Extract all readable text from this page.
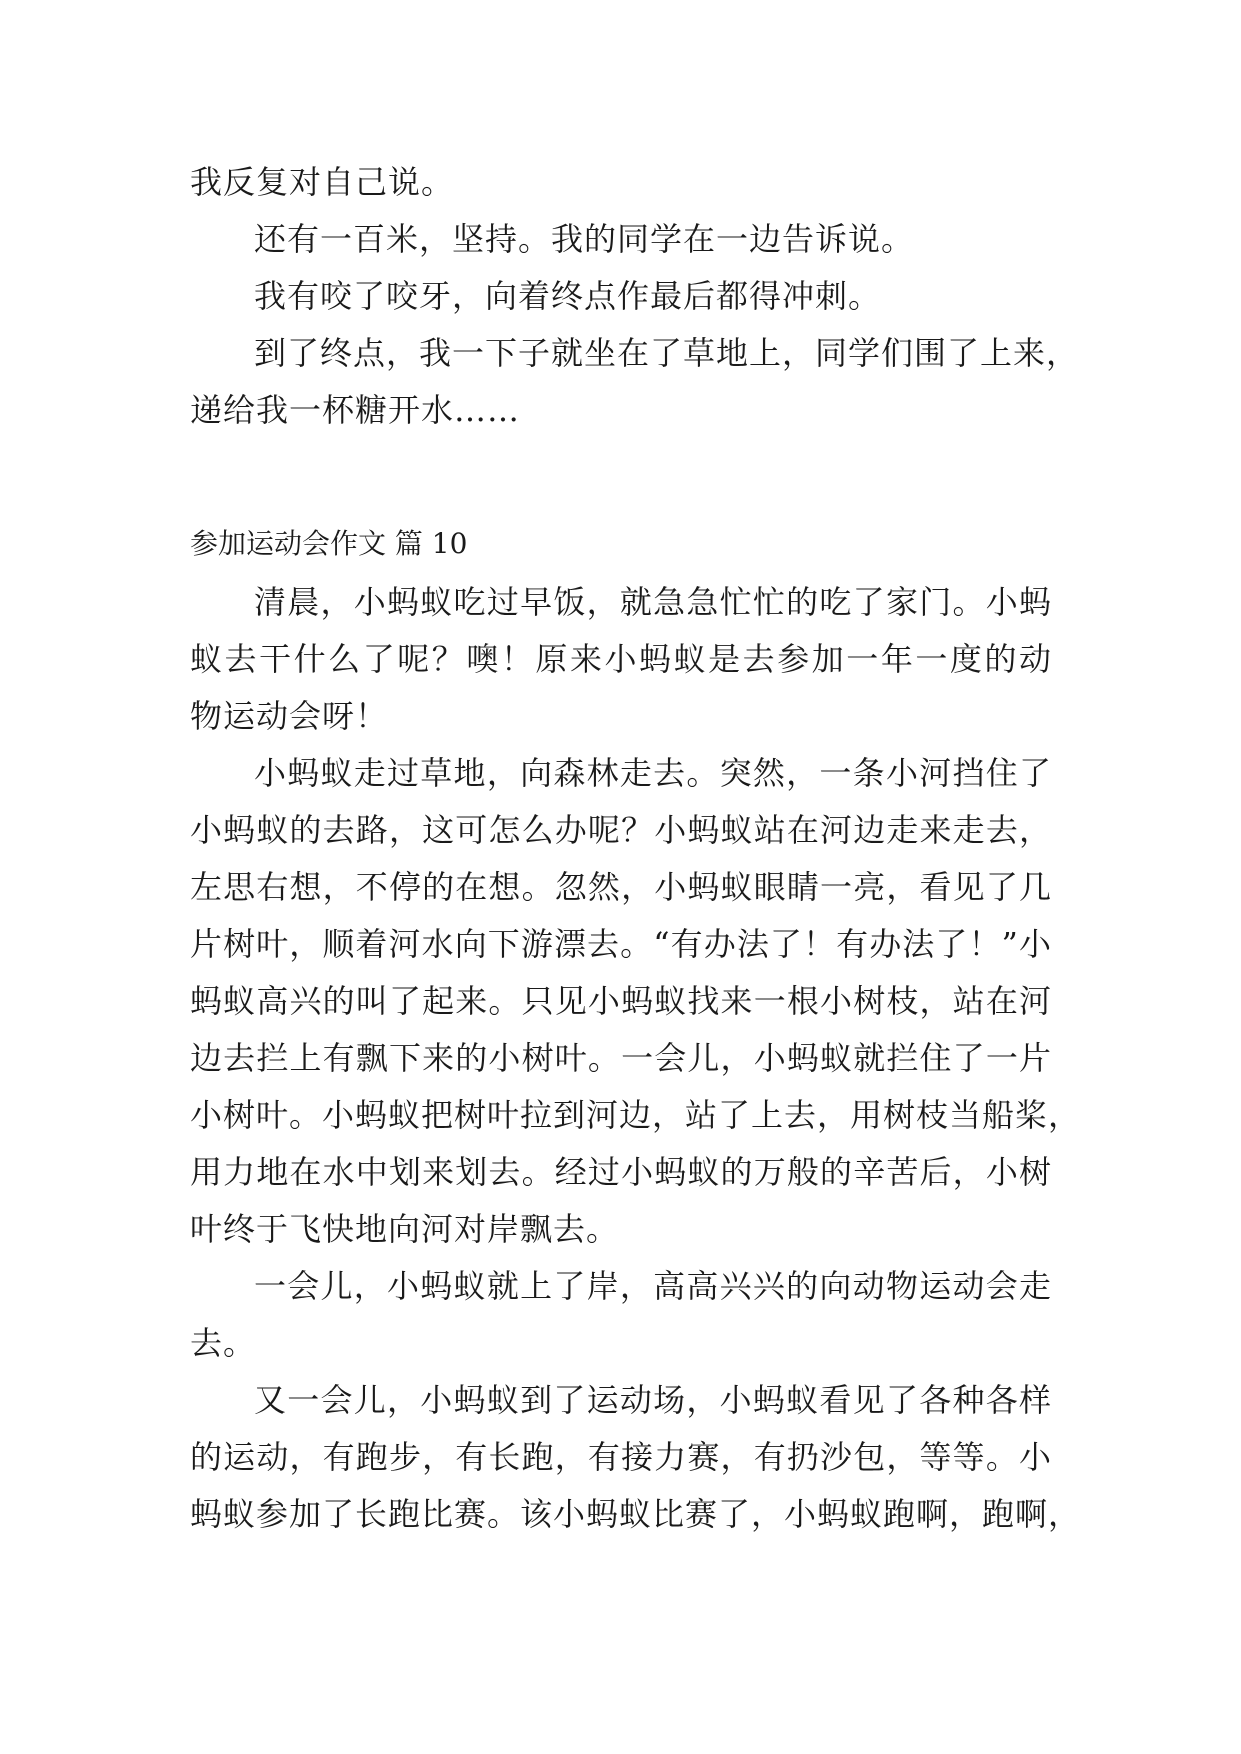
我反复对自己说。
还有一百米，坚持。我的同学在一边告诉说。
我有咬了咬牙，向着终点作最后都得冲刺。
到了终点，我一下子就坐在了草地上，同学们围了上来，
递给我一杯糖开水……
参加运动会作文 篇 10
清晨，小蚂蚁吃过早饭，就急急忙忙的吃了家门。小蚂
蚁去干什么了呢？噢！原来小蚂蚁是去参加一年一度的动
物运动会呀！
小蚂蚁走过草地，向森林走去。突然，一条小河挡住了
小蚂蚁的去路，这可怎么办呢？小蚂蚁站在河边走来走去，
左思右想，不停的在想。忽然，小蚂蚁眼睛一亮，看见了几
片树叶，顺着河水向下游漂去。“有办法了！有办法了！”小
蚂蚁高兴的叫了起来。只见小蚂蚁找来一根小树枝，站在河
边去拦上有飘下来的小树叶。一会儿，小蚂蚁就拦住了一片
小树叶。小蚂蚁把树叶拉到河边，站了上去，用树枝当船桨，
用力地在水中划来划去。经过小蚂蚁的万般的辛苦后，小树
叶终于飞快地向河对岸飘去。
一会儿，小蚂蚁就上了岸，高高兴兴的向动物运动会走
去。
又一会儿，小蚂蚁到了运动场，小蚂蚁看见了各种各样
的运动，有跑步，有长跑，有接力赛，有扔沙包，等等。小
蚂蚁参加了长跑比赛。该小蚂蚁比赛了，小蚂蚁跑啊，跑啊，
